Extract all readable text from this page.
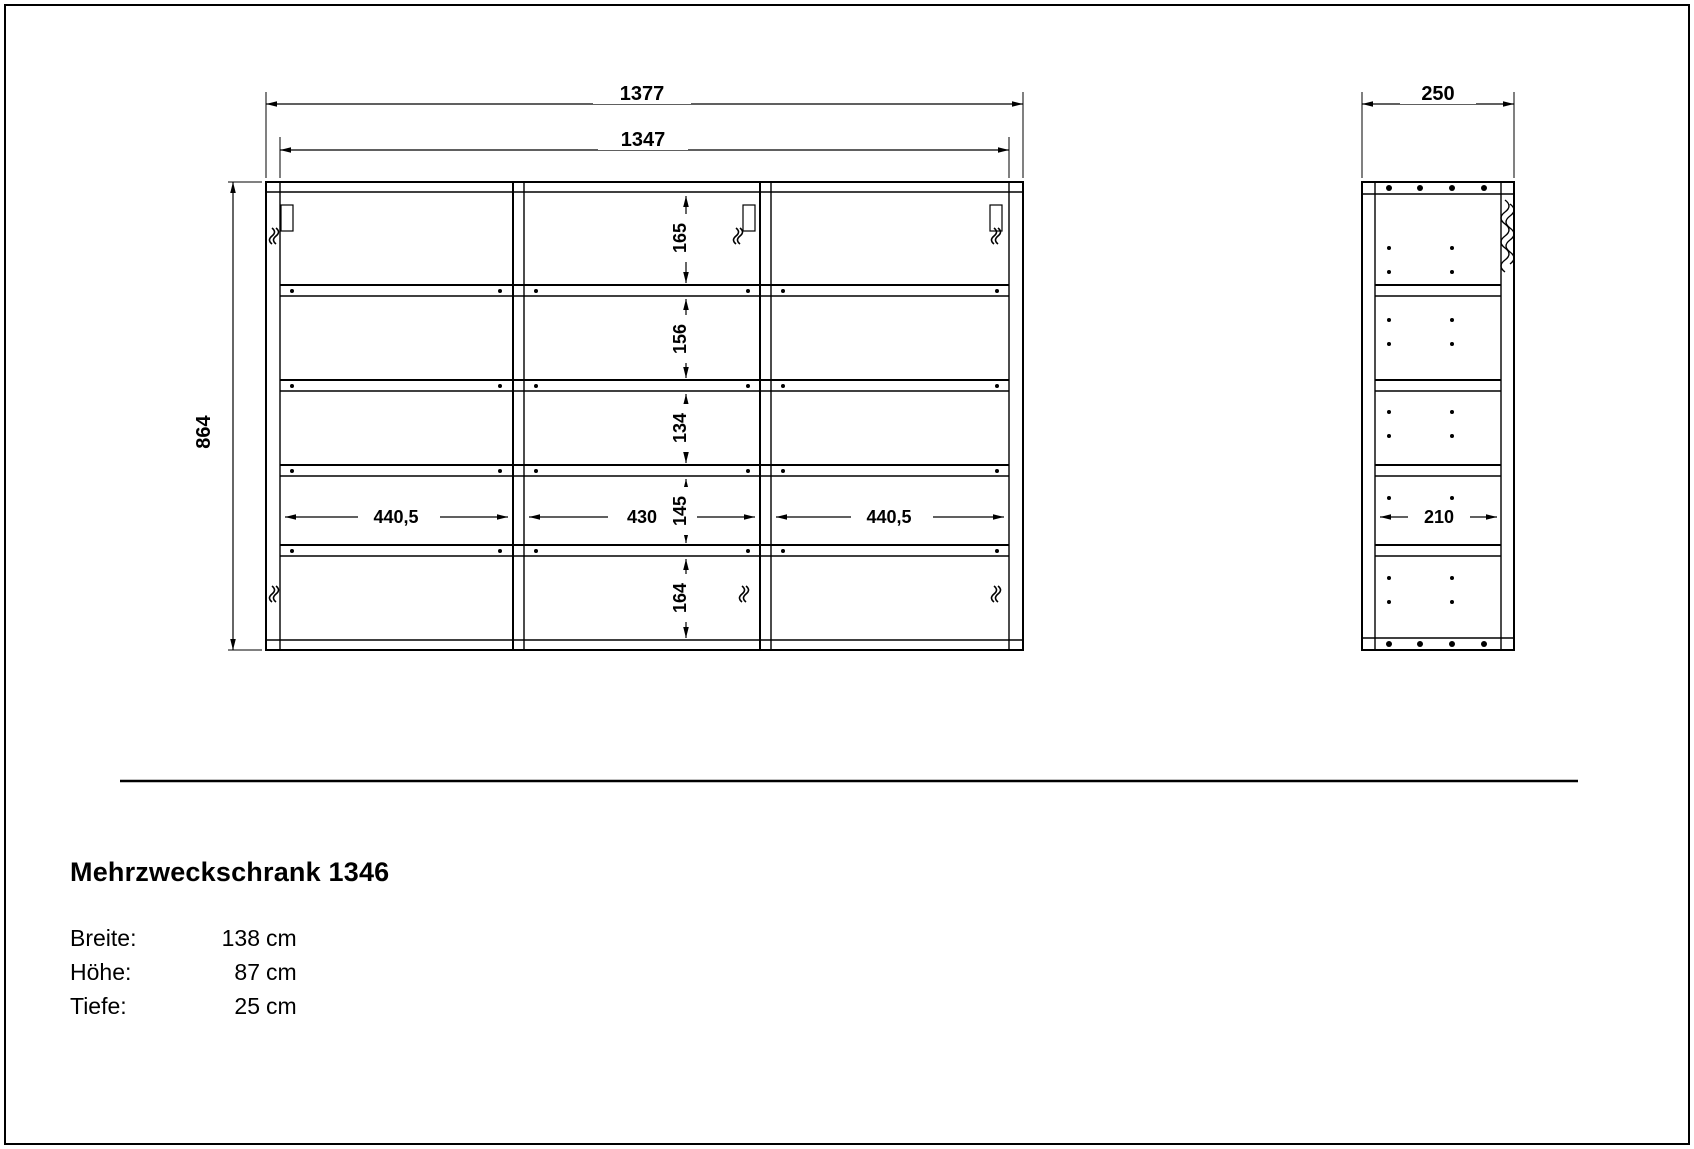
1377
1347
864
440,5	430	440,5
165
156
134
145
164
250
210
Mehrzweckschrank 1346
Breite:	138	cm
Höhe:	87	cm
Tiefe:	25	cm
